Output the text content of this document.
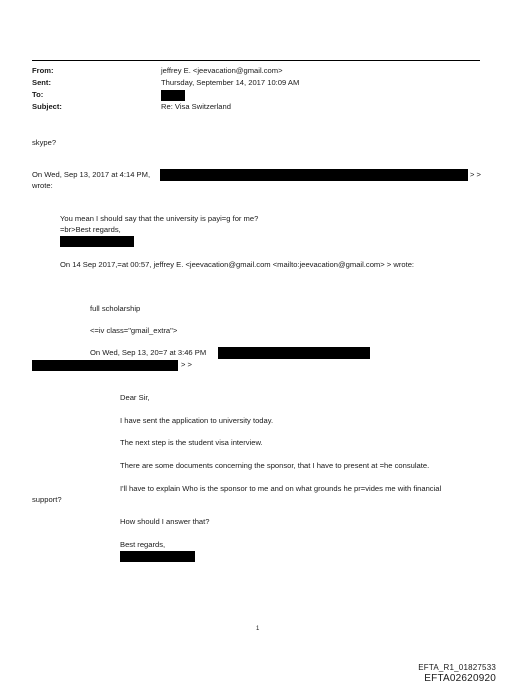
From:	jeffrey E. <jeevacation@gmail.com>
Sent:	Thursday, September 14, 2017 10:09 AM
To:
Subject:	Re: Visa Switzerland
skype?
On Wed, Sep 13, 2017 at 4:14 PM,	> >
wrote:
You mean I should say that the university is payi=g for me?
=br>Best regards,
On 14 Sep 2017,=at 00:57, jeffrey E. <jeevacation@gmail.com <mailto:jeevacation@gmail.com> > wrote:
full scholarship
<=iv class="gmail_extra">
On Wed, Sep 13, 20=7 at 3:46 PM
> >
Dear Sir,
I have sent the application to university today.
The next step is the student visa interview.
There are some documents concerning the sponsor, that I have to present at =he consulate.
I'll have to explain Who is the sponsor to me and on what grounds he pr=vides me with financial
support?
How should I answer that?
Best regards,
1
EFTA_R1_01827533
EFTA02620920
